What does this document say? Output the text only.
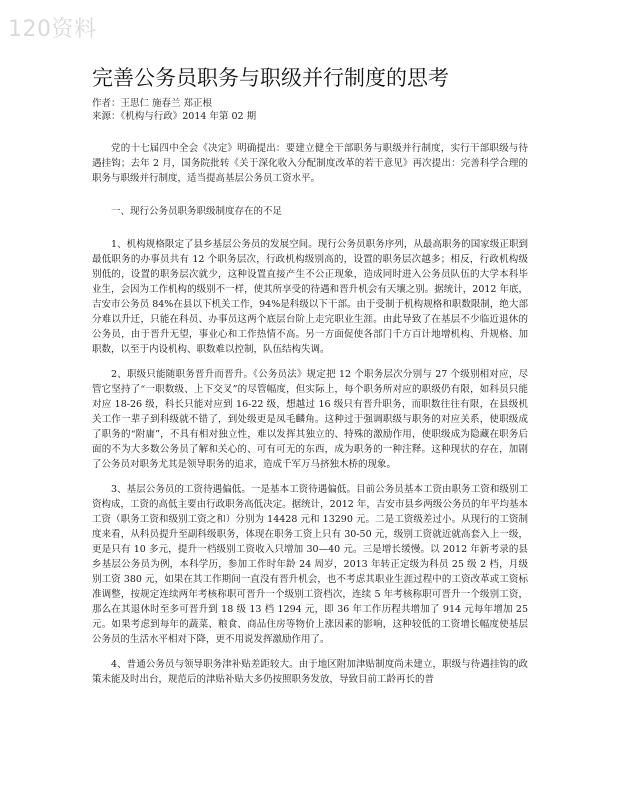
120资料
完善公务员职务与职级并行制度的思考
作者：王思仁 施春兰 郑正根
来源：《机构与行政》2014 年第 02 期

党的十七届四中全会《决定》明确提出：要建立健全干部职务与职级并行制度，实行干部职级与待遇挂钩；去年 2 月，国务院批转《关于深化收入分配制度改革的若干意见》再次提出：完善科学合理的职务与职级并行制度，适当提高基层公务员工资水平。

一、现行公务员职务职级制度存在的不足

1、机构规格限定了县乡基层公务员的发展空间。现行公务员职务序列，从最高职务的国家级正职到最低职务的办事员共有 12 个职务层次，行政机构级别高的，设置的职务层次越多；相反，行政机构级别低的，设置的职务层次就少，这种设置直接产生不公正现象，造成同时进入公务员队伍的大学本科毕业生，会因为工作机构的级别不一样，使其所享受的待遇和晋升机会有天壤之别。据统计，2012 年底，吉安市公务员 84%在县以下机关工作，94%是科级以下干部。由于受制于机构规格和职数限制，绝大部分难以升迁，只能在科员、办事员这两个底层台阶上走完职业生涯。由此导致了在基层不少临近退休的公务员，由于晋升无望，事业心和工作热情不高。另一方面促使各部门千方百计地增机构、升规格、加职数，以至于内设机构、职数难以控制，队伍结构失调。

2、职级只能随职务晋升而晋升。《公务员法》规定把 12 个职务层次分别与 27 个级别相对应，尽管它坚持了“一职数级、上下交叉”的尽管幅度，但实际上，每个职务所对应的职级仍有限，如科员只能对应 18-26 级，科长只能对应到 16-22 级，想越过 16 级只有晋升职务，而职数往往有限，在县级机关工作一辈子到科级就不错了，到处级更是凤毛麟角。这种过于强调职级与职务的对应关系，使职级成了职务的“附庸”，不具有相对独立性，难以发挥其独立的、特殊的激励作用，使职级成为隐藏在职务后面的不为大多数公务员了解和关心的、可有可无的东西，成为职务的一种注释。这种现状的存在，加剧了公务员对职务尤其是领导职务的追求，造成千军万马挤独木桥的现象。

3、基层公务员的工资待遇偏低。一是基本工资待遇偏低。目前公务员基本工资由职务工资和级别工资构成，工资的高低主要由行政职务高低决定。据统计，2012 年，吉安市县乡两级公务员的年平均基本工资（职务工资和级别工资之和）分别为 14428 元和 13290 元。二是工资级差过小。从现行的工资制度来看，从科员提升至副科级职务，体现在职务工资上只有 30-50 元，级别工资就近就高套入上一级，更是只有 10 多元，提升一档级别工资收入只增加 30—40 元。三是增长缓慢。以 2012 年新考录的县乡基层公务员为例，本科学历，参加工作时年龄 24 周岁，2013 年转正定级为科员 25 级 2 档，月级别工资 380 元，如果在其工作期间一直没有晋升机会，也不考虑其职业生涯过程中的工资改革或工资标准调整，按规定连续两年考核称职可晋升一个级别工资档次，连续 5 年考核称职可晋升一个级别工资，那么在其退休时至多可晋升到 18 级 13 档 1294 元，即 36 年工作历程共增加了 914 元每年增加 25 元。如果考虑到每年的蔬菜、粮食、商品住房等物价上涨因素的影响，这种较低的工资增长幅度使基层公务员的生活水平相对下降，更不用说发挥激励作用了。

4、普通公务员与领导职务津补贴差距较大。由于地区附加津贴制度尚未建立，职级与待遇挂钩的政策未能及时出台，规范后的津贴补贴大多仍按照职务发放，导致目前工龄再长的普
